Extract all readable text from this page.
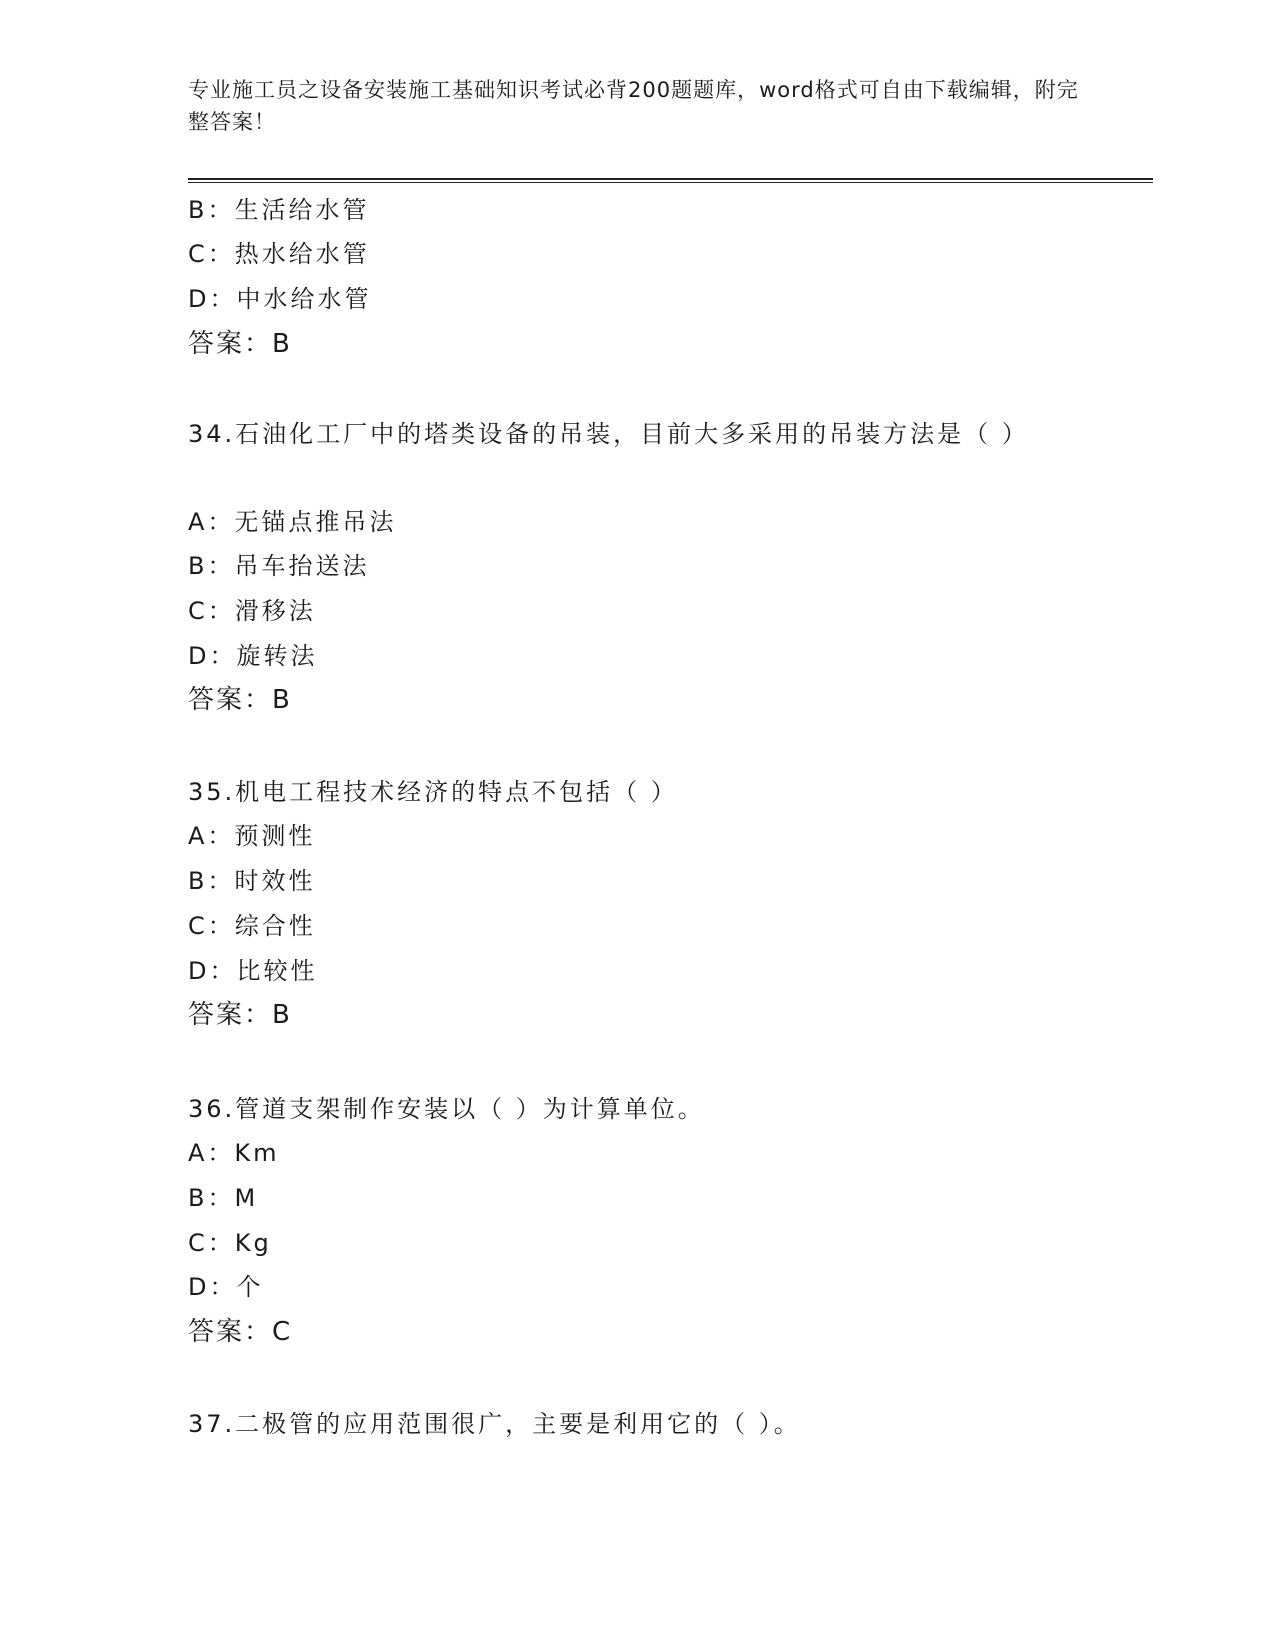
专业施工员之设备安装施工基础知识考试必背200题题库，word格式可自由下载编辑，附完整答案！
B：生活给水管
C：热水给水管
D：中水给水管
答案：B
34.石油化工厂中的塔类设备的吊装，目前大多采用的吊装方法是（ ）
A：无锚点推吊法
B：吊车抬送法
C：滑移法
D：旋转法
答案：B
35.机电工程技术经济的特点不包括（ ）
A：预测性
B：时效性
C：综合性
D：比较性
答案：B
36.管道支架制作安装以（ ）为计算单位。
A：Km
B：M
C：Kg
D：个
答案：C
37.二极管的应用范围很广，主要是利用它的（ ）。
